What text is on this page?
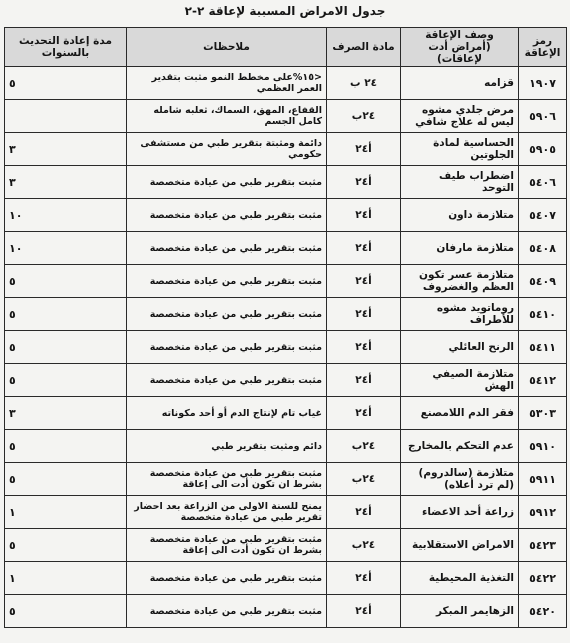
جدول الامراض المسببة لإعاقة ٢-٢
رمز الإعاقة	وصف الإعاقة (أمراض أدت لإعاقات)	مادة الصرف	ملاحظات	مدة إعادة التحديث بالسنوات
١٩٠٧	قزامه	٢٤ ب	<١٥%على مخطط النمو مثبت بتقدير العمر العظمي	٥
٥٩٠٦	مرض جلدي مشوه ليس له علاج شافي	٢٤ب	القفاع، المهق، السماك، ثعلبه شامله كامل الجسم	
٥٩٠٥	الحساسية لمادة الجلوتين	أ٢٤	دائمة ومثبتة بتقرير طبي من مستشفى حكومي	٣
٥٤٠٦	اضطراب طيف التوحد	أ٢٤	مثبت بتقرير طبي من عيادة متخصصة	٣
٥٤٠٧	متلازمة داون	أ٢٤	مثبت بتقرير طبي من عيادة متخصصة	١٠
٥٤٠٨	متلازمة مارفان	أ٢٤	مثبت بتقرير طبي من عيادة متخصصة	١٠
٥٤٠٩	متلازمة عسر تكون العظم والغضروف	أ٢٤	مثبت بتقرير طبي من عيادة متخصصة	٥
٥٤١٠	روماتويد مشوه للأطراف	أ٢٤	مثبت بتقرير طبي من عيادة متخصصة	٥
٥٤١١	الرنح العائلي	أ٢٤	مثبت بتقرير طبي من عيادة متخصصة	٥
٥٤١٢	متلازمة الصيفي الهش	أ٢٤	مثبت بتقرير طبي من عيادة متخصصة	٥
٥٣٠٣	فقر الدم اللامصنع	أ٢٤	غياب تام لإنتاج الدم أو أحد مكوناته	٣
٥٩١٠	عدم التحكم بالمخارج	٢٤ب	دائم ومثبت بتقرير طبي	٥
٥٩١١	متلازمة (سالدروم) (لم ترد أعلاه)	٢٤ب	مثبت بتقرير طبي من عيادة متخصصة بشرط ان تكون أدت الى إعاقة	٥
٥٩١٢	زراعة أحد الاعضاء	أ٢٤	يمنح للسنة الاولى من الزراعة بعد احضار تقرير طبي من عيادة متخصصة	١
٥٤٢٣	الامراض الاستقلابية	٢٤ب	مثبت بتقرير طبي من عيادة متخصصة بشرط ان تكون أدت الى إعاقة	٥
٥٤٢٢	التغذية المحيطية	أ٢٤	مثبت بتقرير طبي من عيادة متخصصة	١
٥٤٢٠	الزهايمر المبكر	أ٢٤	مثبت بتقرير طبي من عيادة متخصصة	٥
